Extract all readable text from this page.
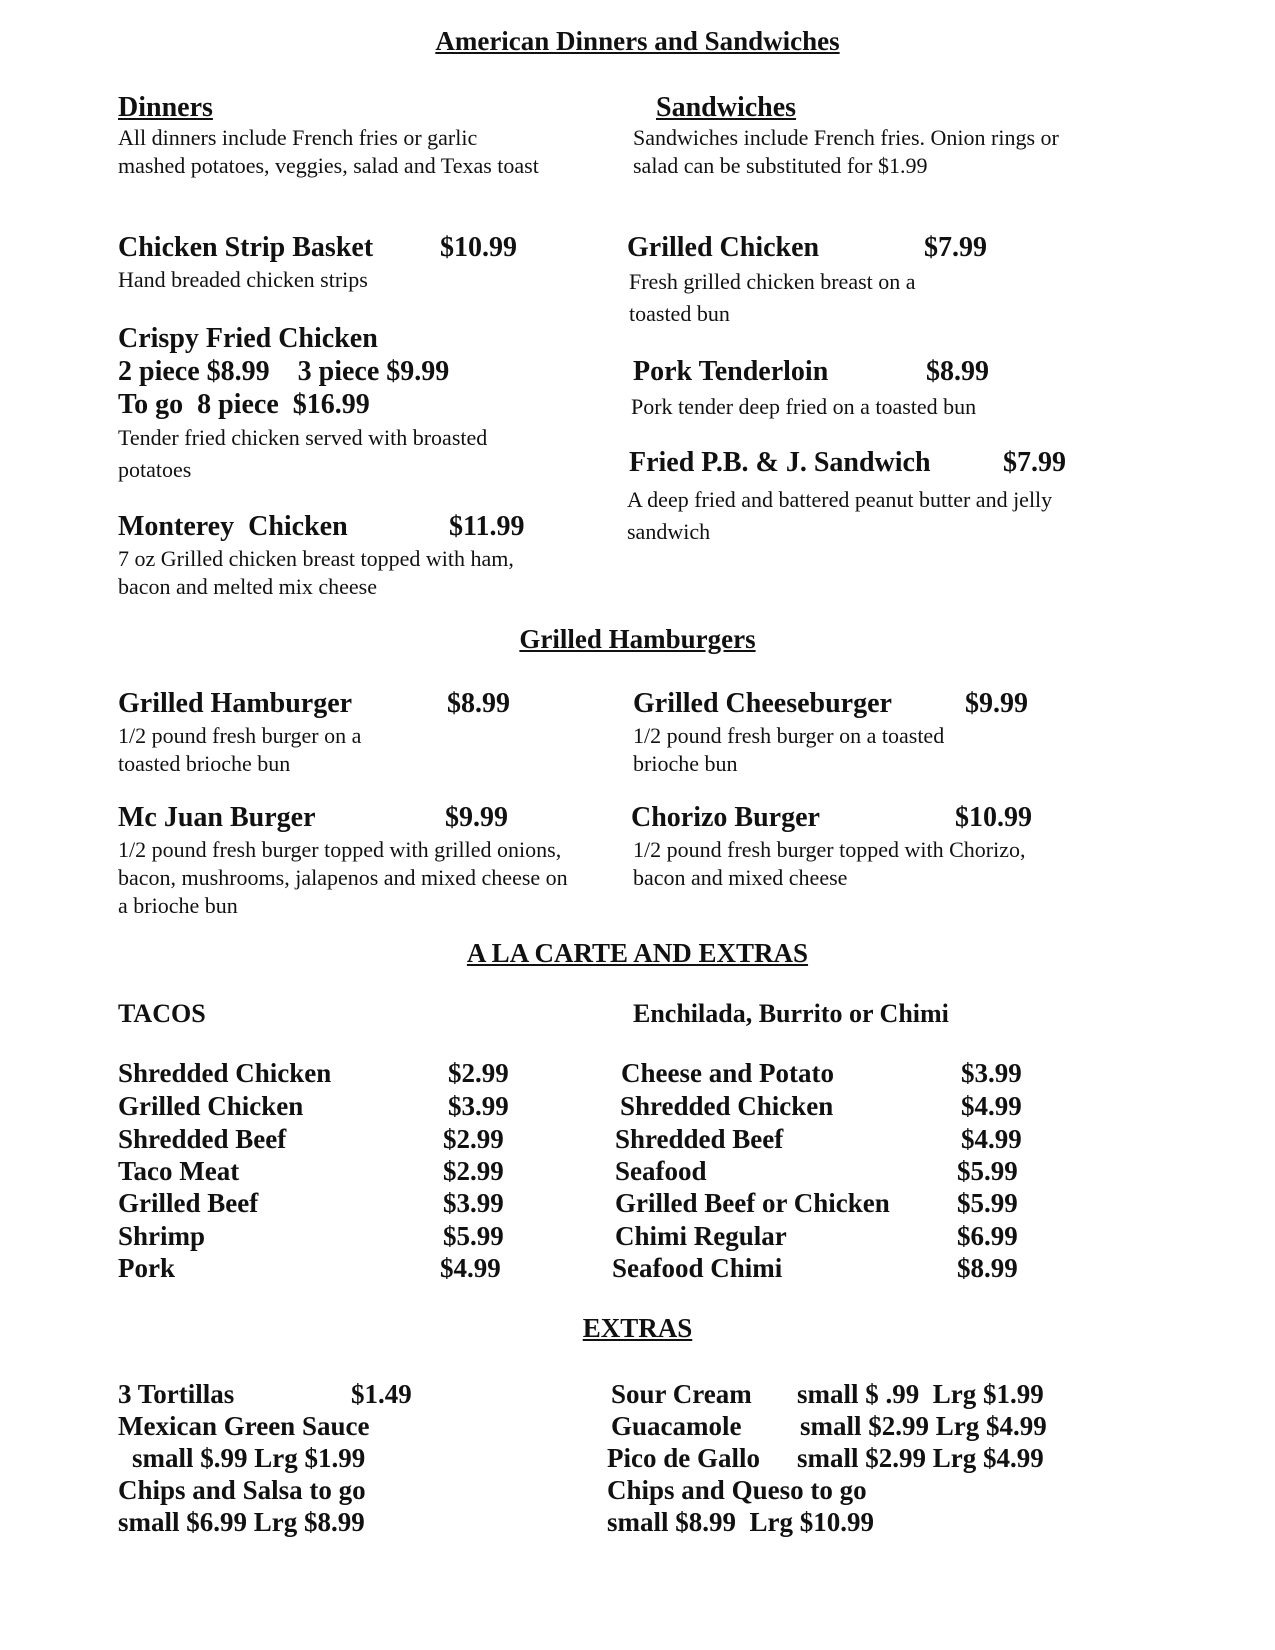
American Dinners and Sandwiches
Dinners
All dinners include French fries or garlic mashed potatoes, veggies, salad and Texas toast
Chicken Strip Basket $10.99
Hand breaded chicken strips
Crispy Fried Chicken
2 piece $8.99    3 piece $9.99
To go  8 piece  $16.99
Tender fried chicken served with broasted potatoes
Monterey  Chicken	$11.99
7 oz Grilled chicken breast topped with ham, bacon and melted mix cheese
Sandwiches
Sandwiches include French fries. Onion rings or salad can be substituted for $1.99
Grilled Chicken	$7.99
Fresh grilled chicken breast on a toasted bun
Pork Tenderloin	$8.99
Pork tender deep fried on a toasted bun
Fried P.B. & J. Sandwich	$7.99
A deep fried and battered peanut butter and jelly sandwich
Grilled Hamburgers
Grilled Hamburger	$8.99
1/2 pound fresh burger on a toasted brioche bun
Grilled Cheeseburger	$9.99
1/2 pound fresh burger on a toasted brioche bun
Mc Juan Burger	$9.99
1/2 pound fresh burger topped with grilled onions, bacon, mushrooms, jalapenos and mixed cheese on a brioche bun
Chorizo Burger	$10.99
1/2 pound fresh burger topped with Chorizo, bacon and mixed cheese
A LA CARTE AND EXTRAS
TACOS	Enchilada, Burrito or Chimi
Shredded Chicken	$2.99
Grilled Chicken	$3.99
Shredded Beef	$2.99
Taco Meat	$2.99
Grilled Beef	$3.99
Shrimp	$5.99
Pork	$4.99
Cheese and Potato	$3.99
Shredded Chicken	$4.99
Shredded Beef	$4.99
Seafood	$5.99
Grilled Beef or Chicken $5.99
Chimi Regular	$6.99
Seafood Chimi	$8.99
EXTRAS
3 Tortillas	$1.49
Mexican Green Sauce
small $.99 Lrg $1.99
Chips and Salsa to go
small $6.99 Lrg $8.99
Sour Cream small $ .99  Lrg $1.99
Guacamole small $2.99 Lrg $4.99
Pico de Gallo small $2.99 Lrg $4.99
Chips and Queso to go
small $8.99  Lrg $10.99
